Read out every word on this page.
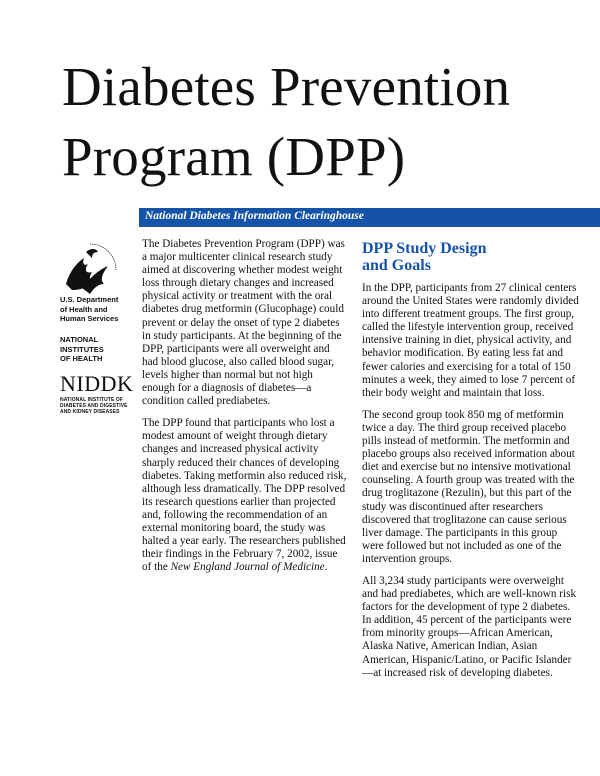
Diabetes Prevention
Program (DPP)
National Diabetes Information Clearinghouse
U.S. Department
of Health and
Human Services
NATIONAL
INSTITUTES
OF HEALTH
NIDDK
NATIONAL INSTITUTE OF
DIABETES AND DIGESTIVE
AND KIDNEY DISEASES

The Diabetes Prevention Program (DPP) was a major multicenter clinical research study aimed at discovering whether modest weight loss through dietary changes and increased physical activity or treatment with the oral diabetes drug metformin (Glucophage) could prevent or delay the onset of type 2 diabetes in study participants. At the beginning of the DPP, participants were all overweight and had blood glucose, also called blood sugar, levels higher than normal but not high enough for a diagnosis of diabetes—a condition called prediabetes.

The DPP found that participants who lost a modest amount of weight through dietary changes and increased physical activity sharply reduced their chances of developing diabetes. Taking metformin also reduced risk, although less dramatically. The DPP resolved its research questions earlier than projected and, following the recommendation of an external monitoring board, the study was halted a year early. The researchers published their findings in the February 7, 2002, issue of the New England Journal of Medicine.

DPP Study Design
and Goals

In the DPP, participants from 27 clinical centers around the United States were randomly divided into different treatment groups. The first group, called the lifestyle intervention group, received intensive training in diet, physical activity, and behavior modification. By eating less fat and fewer calories and exercising for a total of 150 minutes a week, they aimed to lose 7 percent of their body weight and maintain that loss.

The second group took 850 mg of metformin twice a day. The third group received placebo pills instead of metformin. The metformin and placebo groups also received information about diet and exercise but no intensive motivational counseling. A fourth group was treated with the drug troglitazone (Rezulin), but this part of the study was discontinued after researchers discovered that troglitazone can cause serious liver damage. The participants in this group were followed but not included as one of the intervention groups.

All 3,234 study participants were overweight and had prediabetes, which are well-known risk factors for the development of type 2 diabetes. In addition, 45 percent of the participants were from minority groups—African American, Alaska Native, American Indian, Asian American, Hispanic/Latino, or Pacific Islander—at increased risk of developing diabetes.
